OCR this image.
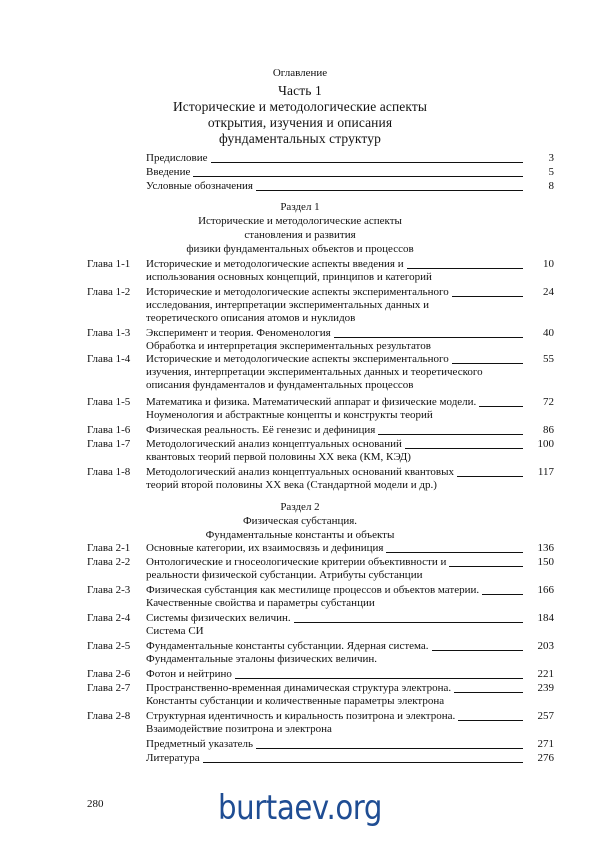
Оглавление
Часть 1
Исторические и методологические аспекты
открытия, изучения и описания
фундаментальных структур
Предисловие	3
Введение	5
Условные обозначения	8
Раздел 1
Исторические и методологические аспекты
становления и развития
физики фундаментальных объектов и процессов
Глава 1-1 Исторические и методологические аспекты введения и
использования основных концепций, принципов и категорий
10
Глава 1-2 Исторические и методологические аспекты экспериментального
исследования, интерпретации экспериментальных данных и
теоретического описания атомов и нуклидов
24
Глава 1-3 Эксперимент и теория. Феноменология
Обработка и интерпретация экспериментальных результатов
40
Глава 1-4 Исторические и методологические аспекты экспериментального
изучения, интерпретации экспериментальных данных и теоретического
описания фундаменталов и фундаментальных процессов
55
Глава 1-5 Математика и физика. Математический аппарат и физические модели.
Ноуменология и абстрактные концепты и конструкты теорий
72
Глава 1-6 Физическая реальность. Её генезис и дефиниция	86
Глава 1-7 Методологический анализ концептуальных оснований
квантовых теорий первой половины XX века (КМ, КЭД)
100
Глава 1-8 Методологический анализ концептуальных оснований квантовых
теорий второй половины XX века (Стандартной модели и др.)
117
Раздел 2
Физическая субстанция.
Фундаментальные константы и объекты
Глава 2-1 Основные категории, их взаимосвязь и дефиниция	136
Глава 2-2 Онтологические и гносеологические критерии объективности и
реальности физической субстанции. Атрибуты субстанции
150
Глава 2-3 Физическая субстанция как местилище процессов и объектов материи.
Качественные свойства и параметры субстанции
166
Глава 2-4 Системы физических величин.
Система СИ
184
Глава 2-5 Фундаментальные константы субстанции. Ядерная система.
Фундаментальные эталоны физических величин.
203
Глава 2-6 Фотон и нейтрино	221
Глава 2-7 Пространственно-временная динамическая структура электрона.
Константы субстанции и количественные параметры электрона
239
Глава 2-8 Структурная идентичность и киральность позитрона и электрона.
Взаимодействие позитрона и электрона
257
Предметный указатель	271
Литература	276
280	burtaev.org
